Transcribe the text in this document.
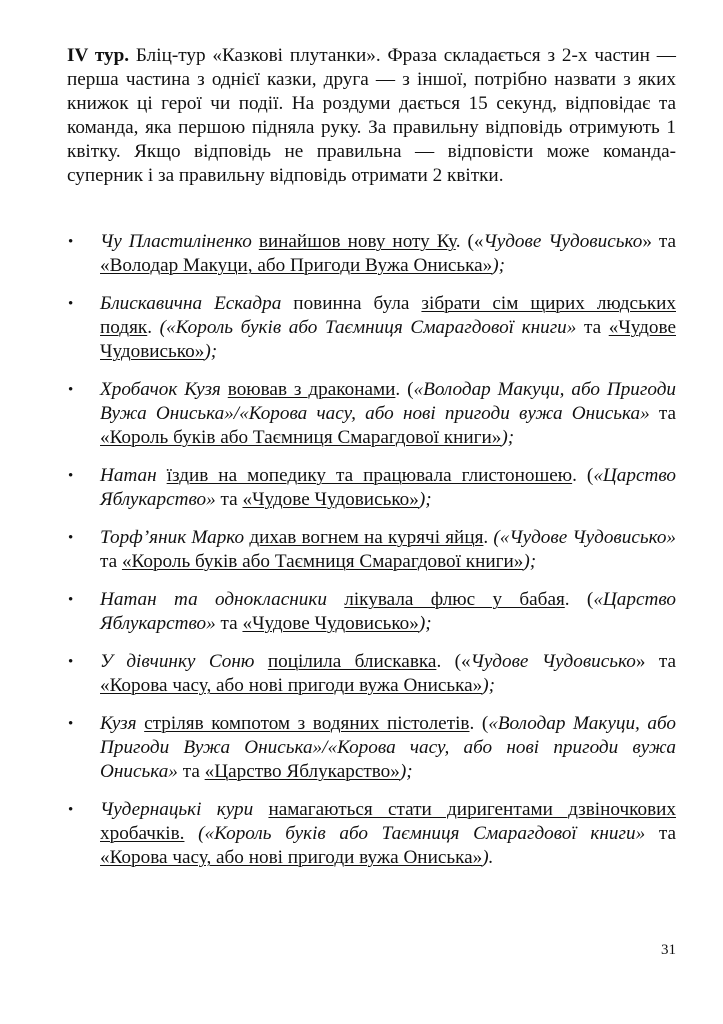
IV тур. Бліц-тур «Казкові плутанки». Фраза складається з 2-х частин — перша частина з однієї казки, друга — з іншої, потрібно назвати з яких книжок ці герої чи події. На роздуми дається 15 секунд, відповідає та команда, яка першою підняла руку. За правильну відповідь отримують 1 квітку. Якщо відповідь не правильна — відповісти може команда-суперник і за правильну відповідь отримати 2 квітки.

•	Чу Пластиліненко винайшов нову ноту Ку. («Чудове Чудовисько» та «Володар Макуци, або Пригоди Вужа Ониська»);
•	Блискавична Ескадра повинна була зібрати сім щирих людських подяк. («Король буків або Таємниця Смарагдової книги» та «Чудове Чудовисько»);
•	Хробачок Кузя воював з драконами. («Володар Макуци, або Пригоди Вужа Ониська»/«Корова часу, або нові пригоди вужа Ониська» та «Король буків або Таємниця Смарагдової книги»);
•	Натан їздив на мопедику та працювала глистоношею. («Царство Яблукарство» та «Чудове Чудовисько»);
•	Торф’яник Марко дихав вогнем на курячі яйця. («Чудове Чудовисько» та «Король буків або Таємниця Смарагдової книги»);
•	Натан та однокласники лікувала флюс у бабая. («Царство Яблукарство» та «Чудове Чудовисько»);
•	У дівчинку Соню поцілила блискавка. («Чудове Чудовисько» та «Корова часу, або нові пригоди вужа Ониська»);
•	Кузя стріляв компотом з водяних пістолетів. («Володар Макуци, або Пригоди Вужа Ониська»/«Корова часу, або нові пригоди вужа Ониська» та «Царство Яблукарство»);
•	Чудернацькі кури намагаються стати диригентами дзвіночкових хробачків. («Король буків або Таємниця Смарагдової книги» та «Корова часу, або нові пригоди вужа Ониська»).
31
